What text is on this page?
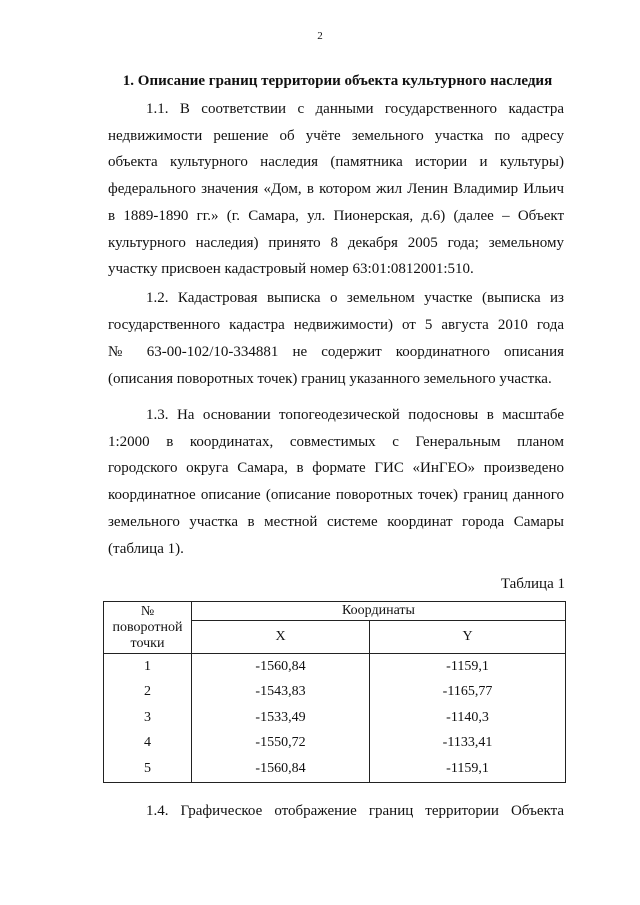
2
1. Описание границ территории объекта культурного наследия
1.1. В соответствии с данными государственного кадастра
недвижимости решение об учёте земельного участка по адресу
объекта культурного наследия (памятника истории и культуры)
федерального значения «Дом, в котором жил Ленин Владимир Ильич
в 1889-1890 гг.» (г. Самара, ул. Пионерская, д.6) (далее – Объект
культурного наследия) принято 8 декабря 2005 года; земельному
участку присвоен кадастровый номер 63:01:0812001:510.
1.2. Кадастровая выписка о земельном участке (выписка из
государственного кадастра недвижимости) от 5 августа 2010 года
№ 63-00-102/10-334881 не содержит координатного описания
(описания поворотных точек) границ указанного земельного участка.
1.3. На основании топогеодезической подосновы в масштабе
1:2000 в координатах, совместимых с Генеральным планом
городского округа Самара, в формате ГИС «ИнГЕО» произведено
координатное описание (описание поворотных точек) границ данного
земельного участка в местной системе координат города Самары
(таблица 1).
Таблица 1
№
поворотной
точки	Координаты	
	X	Y
1	-1560,84	-1159,1
2	-1543,83	-1165,77
3	-1533,49	-1140,3
4	-1550,72	-1133,41
5	-1560,84	-1159,1
1.4. Графическое отображение границ территории Объекта
